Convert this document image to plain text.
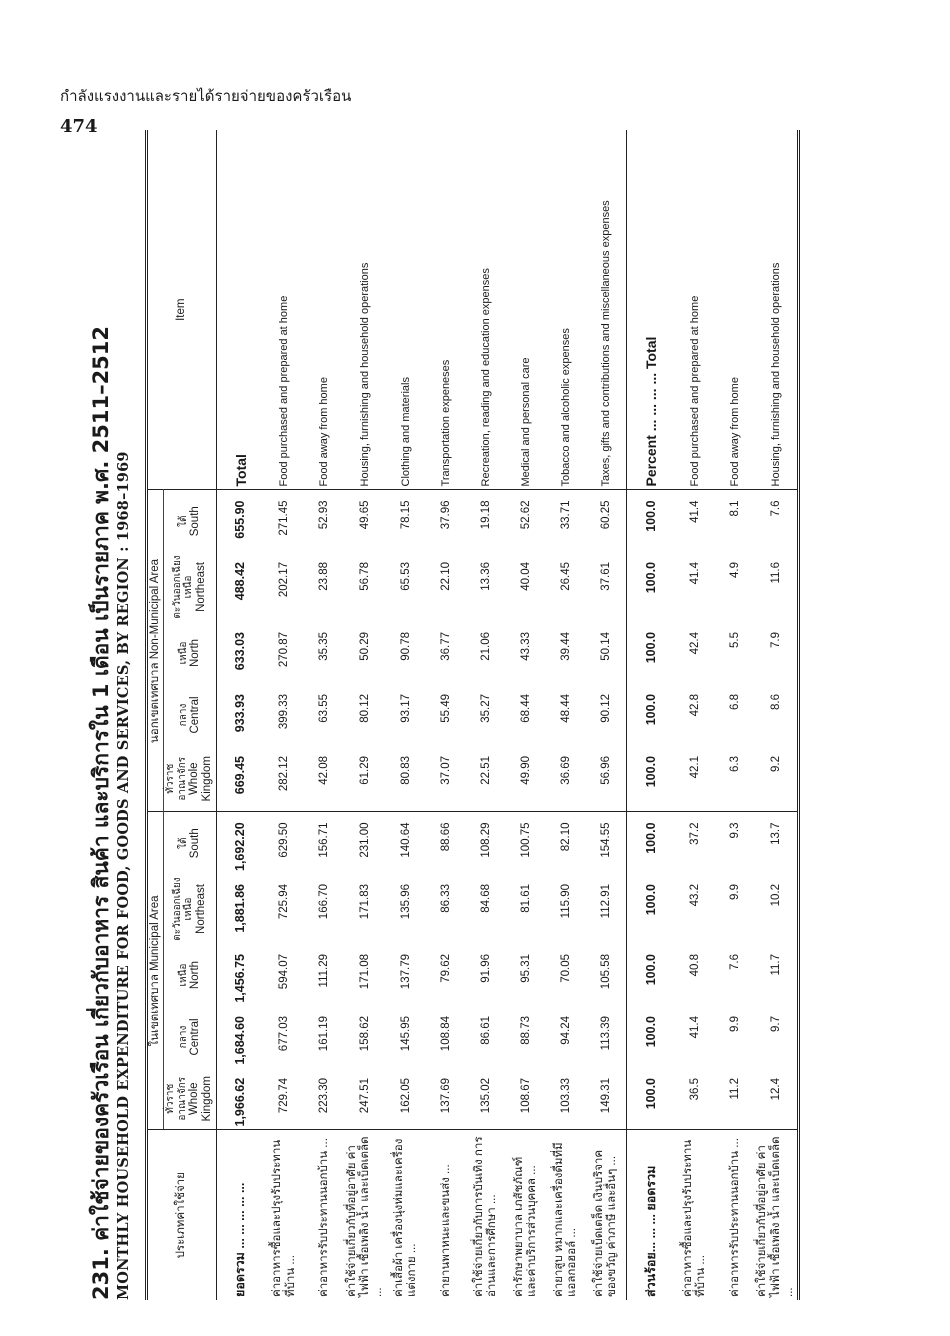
กำลังแรงงานและรายได้รายจ่ายของครัวเรือน
474
231. ค่าใช้จ่ายของครัวเรือน เกี่ยวกับอาหาร สินค้า และบริการใน 1 เดือน เป็นรายภาค พ.ศ. 2511–2512 MONTHLY HOUSEHOLD EXPENDITURE FOR FOOD, GOODS AND SERVICES, BY REGION : 1968–1969	ประเภทค่าใช้จ่าย	ในเขตเทศบาล Municipal Area					นอกเขตเทศบาล Non-Municipal Area					Item

	ทั่วราชอาณาจักร Whole Kingdom	กลาง Central	เหนือ North	ตะวันออกเฉียงเหนือ Northeast	ใต้ South	ทั่วราชอาณาจักร Whole Kingdom	กลาง Central	เหนือ North	ตะวันออกเฉียงเหนือ Northeast	ใต้ South	
ยอดรวม ... ... ... ... ...	1,966.62	1,684.60	1,456.75	1,881.86	1,692.20	669.45	933.93	633.03	488.42	655.90	Total
ค่าอาหารซื้อและปรุงรับประทานที่บ้าน ...	729.74	677.03	594.07	725.94	629.50	282.12	399.33	270.87	202.17	271.45	Food purchased and prepared at home
ค่าอาหารรับประทานนอกบ้าน ...	223.30	161.19	111.29	166.70	156.71	42.08	63.55	35.35	23.88	52.93	Food away from home
ค่าใช้จ่ายเกี่ยวกับที่อยู่อาศัย ค่าไฟฟ้า เชื้อเพลิง น้ำ และเบ็ดเตล็ด ...	247.51	158.62	171.08	171.83	231.00	61.29	80.12	50.29	56.78	49.65	Housing, furnishing and household operations
ค่าเสื้อผ้า เครื่องนุ่งห่มและเครื่องแต่งกาย ...	162.05	145.95	137.79	135.96	140.64	80.83	93.17	90.78	65.53	78.15	Clothing and materials
ค่ายานพาหนะและขนส่ง ...	137.69	108.84	79.62	86.33	88.66	37.07	55.49	36.77	22.10	37.96	Transportation expeneses
ค่าใช้จ่ายเกี่ยวกับการบันเทิง การอ่านและการศึกษา ...	135.02	86.61	91.96	84.68	108.29	22.51	35.27	21.06	13.36	19.18	Recreation, reading and education expenses
ค่ารักษาพยาบาล เภสัชภัณฑ์ และค่าบริการส่วนบุคคล ...	108.67	88.73	95.31	81.61	100.75	49.90	68.44	43.33	40.04	52.62	Medical and personal care
ค่ายาสูบ หมากและเครื่องดื่มที่มีแอลกอฮอล์ ...	103.33	94.24	70.05	115.90	82.10	36.69	48.44	39.44	26.45	33.71	Tobacco and alcoholic expenses
ค่าใช้จ่ายเบ็ดเตล็ด เงินบริจาค ของขวัญ ค่าภาษี และอื่นๆ ...	149.31	113.39	105.58	112.91	154.55	56.96	90.12	50.14	37.61	60.25	Taxes, gifts and contributions and miscellaneous expenses
ส่วนร้อย... ... ... ยอดรวม	100.0	100.0	100.0	100.0	100.0	100.0	100.0	100.0	100.0	100.0	Percent ... ... ... ... Total
ค่าอาหารซื้อและปรุงรับประทานที่บ้าน ...	36.5	41.4	40.8	43.2	37.2	42.1	42.8	42.4	41.4	41.4	Food purchased and prepared at home
ค่าอาหารรับประทานนอกบ้าน ...	11.2	9.9	7.6	9.9	9.3	6.3	6.8	5.5	4.9	8.1	Food away from home
ค่าใช้จ่ายเกี่ยวกับที่อยู่อาศัย ค่าไฟฟ้า เชื้อเพลิง น้ำ และเบ็ดเตล็ด ...	12.4	9.7	11.7	10.2	13.7	9.2	8.6	7.9	11.6	7.6	Housing, furnishing and household operations
